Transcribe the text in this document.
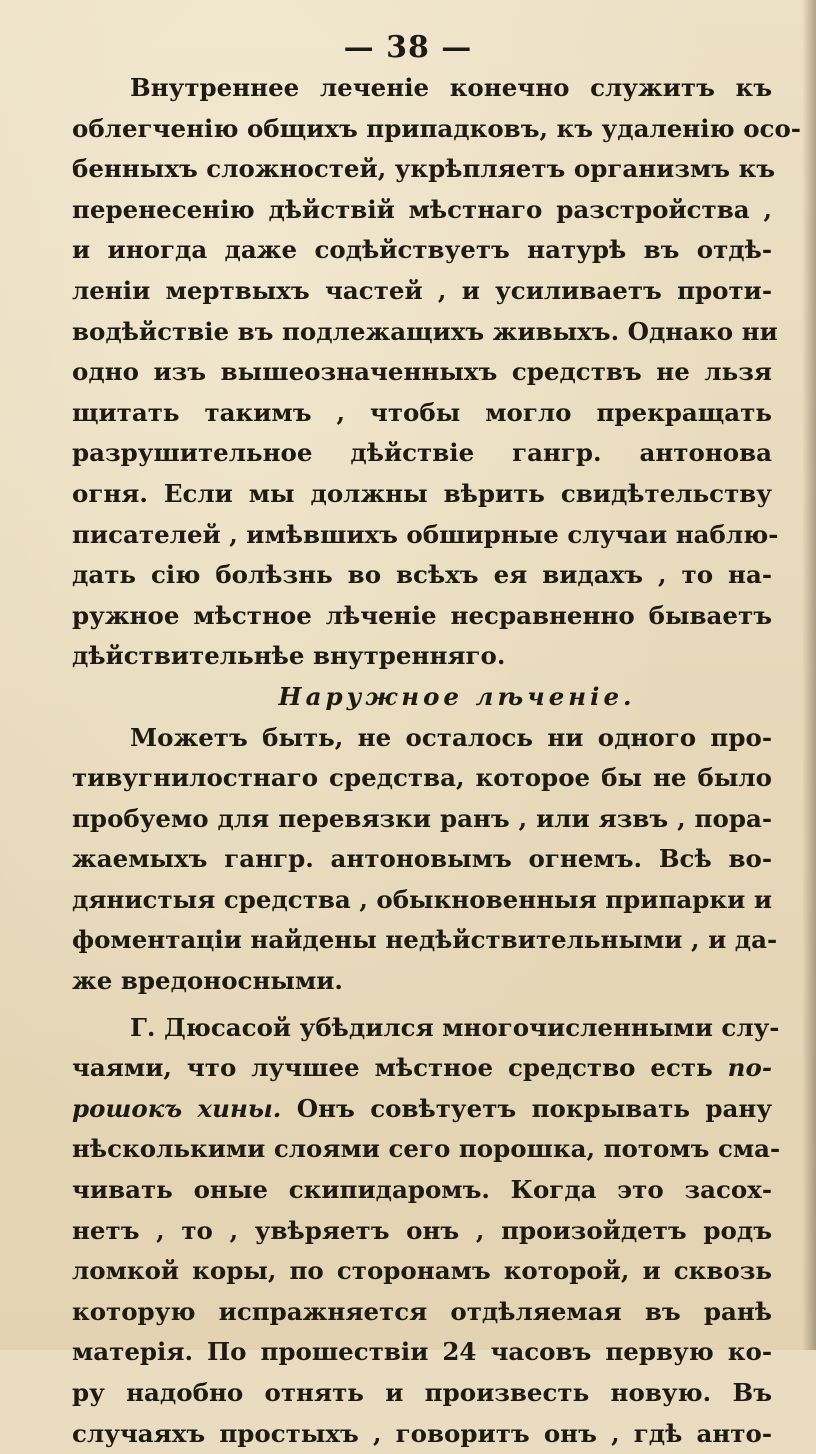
— 38 —

Внутреннее леченіе конечно служитъ къ
облегченію общихъ припадковъ, къ удаленію осо-
бенныхъ сложностей, укрѣпляетъ организмъ къ
перенесенію дѣйствій мѣстнаго разстройства ,
и иногда даже содѣйствуетъ натурѣ въ отдѣ-
леніи мертвыхъ частей , и усиливаетъ проти-
водѣйствіе въ подлежащихъ живыхъ. Однако ни
одно изъ вышеозначенныхъ средствъ не льзя
щитать такимъ , чтобы могло прекращать
разрушительное дѣйствіе гангр. антонова
огня. Если мы должны вѣрить свидѣтельству
писателей , имѣвшихъ обширные случаи наблю-
дать сію болѣзнь во всѣхъ ея видахъ , то на-
ружное мѣстное лѣченіе несравненно бываетъ
дѣйствительнѣе внутренняго.

Наружное лѣченіе.

Можетъ быть, не осталось ни одного про-
тивугнилостнаго средства, которое бы не было
пробуемо для перевязки ранъ , или язвъ , пора-
жаемыхъ гангр. антоновымъ огнемъ. Всѣ во-
дянистыя средства , обыкновенныя припарки и
фоментаціи найдены недѣйствительными , и да-
же вредоносными.

Г. Дюсасой убѣдился многочисленными слу-
чаями, что лучшее мѣстное средство есть по-
рошокъ хины. Онъ совѣтуетъ покрывать рану
нѣсколькими слоями сего порошка, потомъ сма-
чивать оные скипидаромъ. Когда это засох-
нетъ , то , увѣряетъ онъ , произойдетъ родъ
ломкой коры, по сторонамъ которой, и сквозь
которую испражняется отдѣляемая въ ранѣ
матерія. По прошествіи 24 часовъ первую ко-
ру надобно отнять и произвесть новую. Въ
случаяхъ простыхъ , говоритъ онъ , гдѣ анто-
